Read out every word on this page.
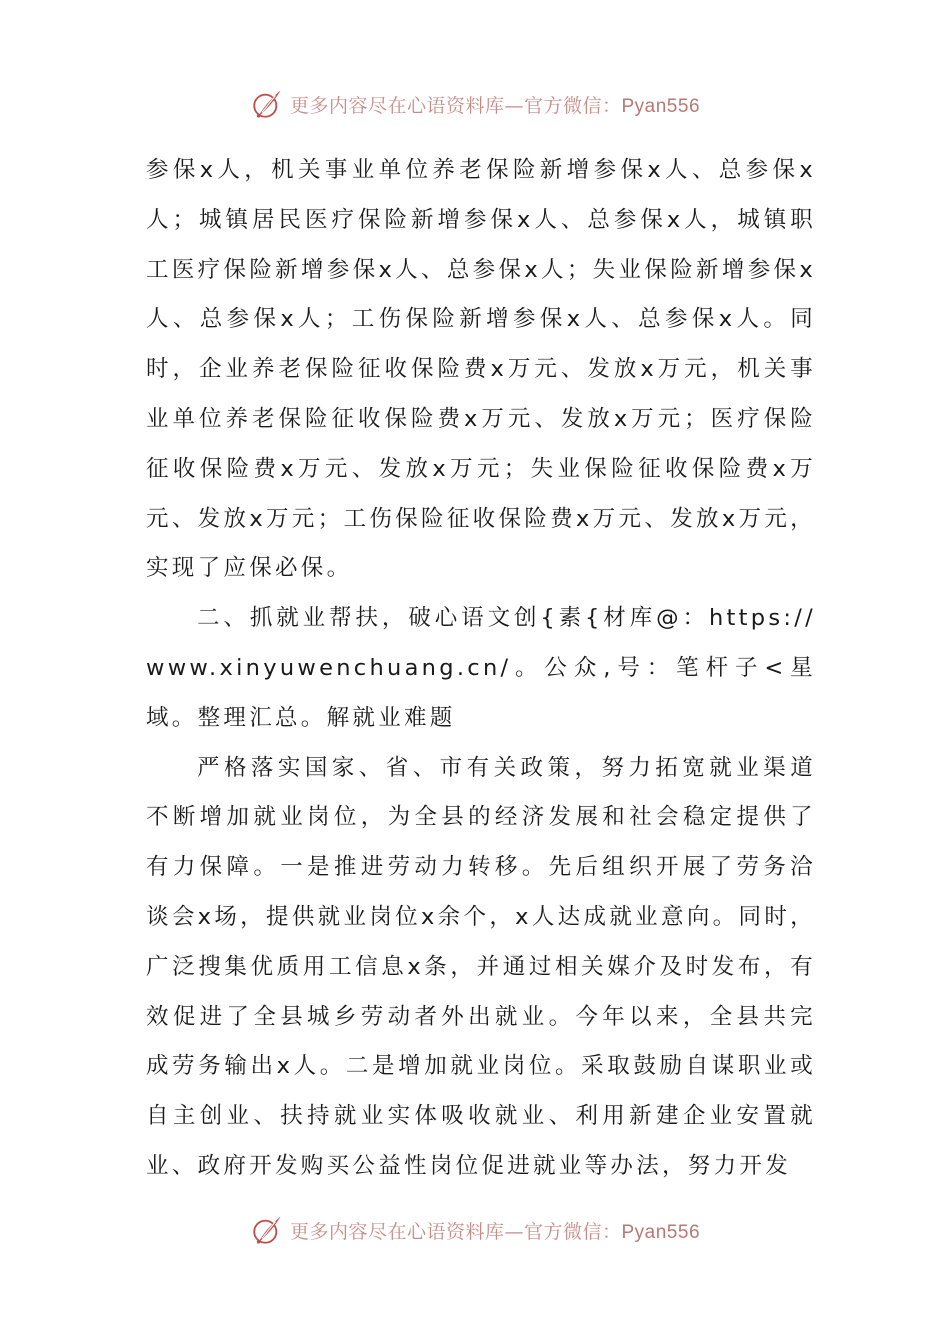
更多内容尽在心语资料库—官方微信：Pyan556

参保x人，机关事业单位养老保险新增参保x人、总参保x人；城镇居民医疗保险新增参保x人、总参保x人，城镇职工医疗保险新增参保x人、总参保x人；失业保险新增参保x人、总参保x人；工伤保险新增参保x人、总参保x人。同时，企业养老保险征收保险费x万元、发放x万元，机关事业单位养老保险征收保险费x万元、发放x万元；医疗保险征收保险费x万元、发放x万元；失业保险征收保险费x万元、发放x万元；工伤保险征收保险费x万元、发放x万元，实现了应保必保。

二、抓就业帮扶，破心语文创{素{材库@：https://www.xinyuwenchuang.cn/。公众,号：笔杆子<星域。整理汇总。解就业难题

严格落实国家、省、市有关政策，努力拓宽就业渠道不断增加就业岗位，为全县的经济发展和社会稳定提供了有力保障。一是推进劳动力转移。先后组织开展了劳务洽谈会x场，提供就业岗位x余个，x人达成就业意向。同时，广泛搜集优质用工信息x条，并通过相关媒介及时发布，有效促进了全县城乡劳动者外出就业。今年以来，全县共完成劳务输出x人。二是增加就业岗位。采取鼓励自谋职业或自主创业、扶持就业实体吸收就业、利用新建企业安置就业、政府开发购买公益性岗位促进就业等办法，努力开发

更多内容尽在心语资料库—官方微信：Pyan556
